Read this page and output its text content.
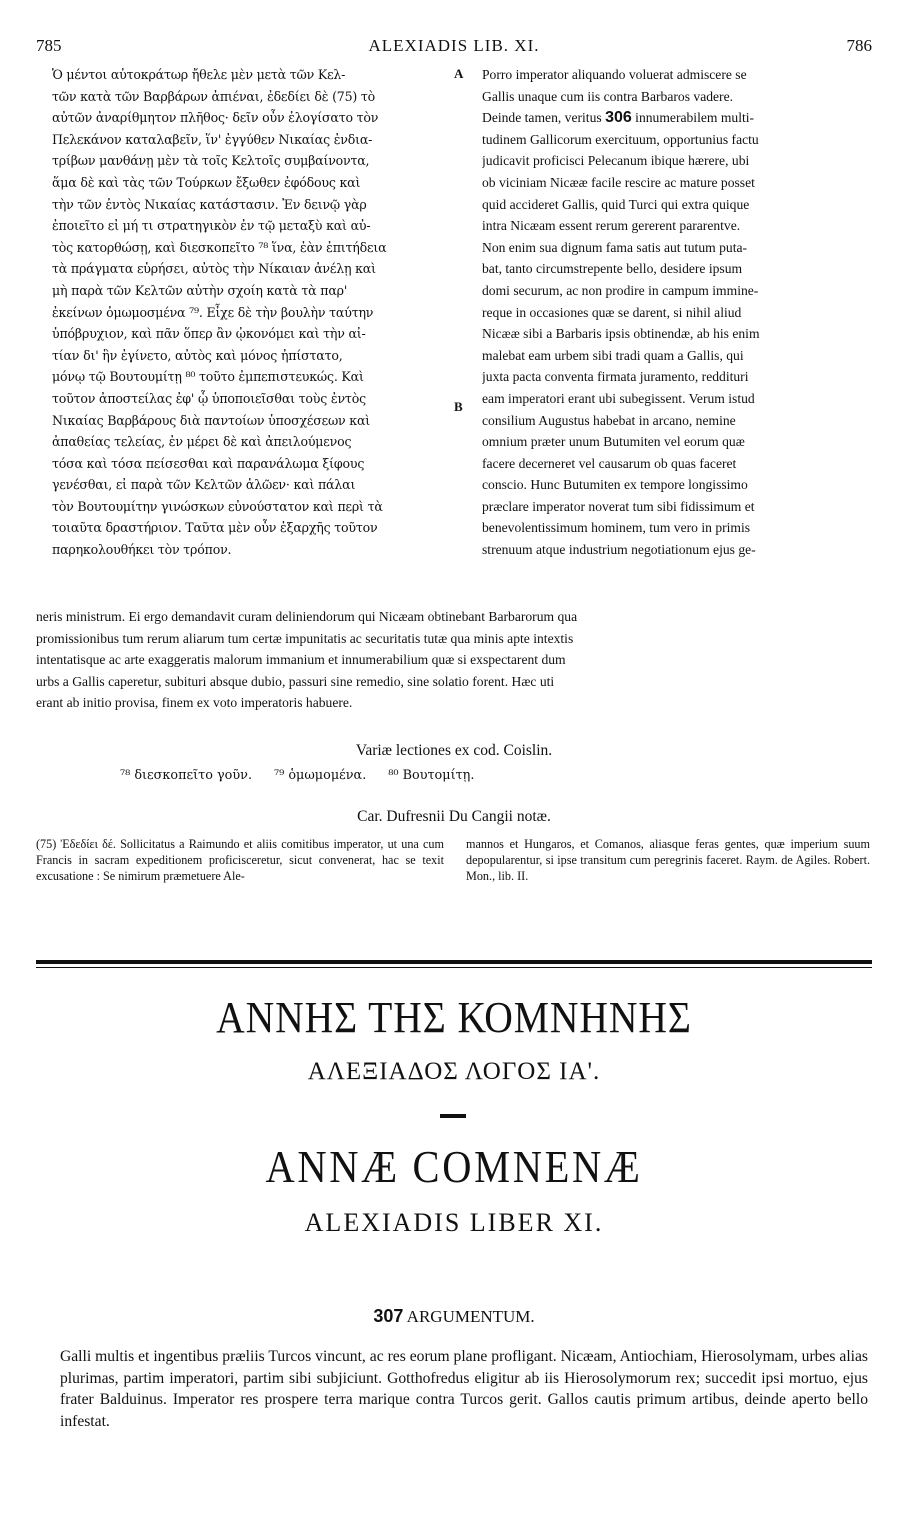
785	ALEXIADIS LIB. XI.	786
Ὁ μέντοι αὐτοκράτωρ ἤθελε μὲν μετὰ τῶν Κελ-
τῶν κατὰ τῶν Βαρβάρων ἀπιέναι, ἐδεδίει δὲ (75) τὸ
αὐτῶν ἀναρίθμητον πλῆθος· δεῖν οὖν ἐλογίσατο τὸν
Πελεκάνον καταλαβεῖν, ἵν' ἐγγύθεν Νικαίας ἐνδια-
τρίβων μανθάνῃ μὲν τὰ τοῖς Κελτοῖς συμβαίνοντα,
ἅμα δὲ καὶ τὰς τῶν Τούρκων ἔξωθεν ἐφόδους καὶ
τὴν τῶν ἐντὸς Νικαίας κατάστασιν. Ἐν δεινῷ γὰρ
ἐποιεῖτο εἰ μή τι στρατηγικὸν ἐν τῷ μεταξὺ καὶ αὐ-
τὸς κατορθώσῃ, καὶ διεσκοπεῖτο ⁷⁸ ἵνα, ἐὰν ἐπιτήδεια
τὰ πράγματα εὑρήσει, αὐτὸς τὴν Νίκαιαν ἀνέλῃ καὶ
μὴ παρὰ τῶν Κελτῶν αὐτὴν σχοίη κατὰ τὰ παρ'
ἐκείνων ὀμωμοσμένα ⁷⁹. Εἶχε δὲ τὴν βουλὴν ταύτην
ὑπόβρυχιον, καὶ πᾶν ὅπερ ἂν ᾠκονόμει καὶ τὴν αἰ-
τίαν δι' ἣν ἐγίνετο, αὐτὸς καὶ μόνος ἠπίστατο,
μόνῳ τῷ Βουτουμίτῃ ⁸⁰ τοῦτο ἐμπεπιστευκώς. Καὶ
τοῦτον ἀποστείλας ἐφ' ᾧ ὑποποιεῖσθαι τοὺς ἐντὸς
Νικαίας Βαρβάρους διὰ παντοίων ὑποσχέσεων καὶ
ἀπαθείας τελείας, ἐν μέρει δὲ καὶ ἀπειλούμενος
τόσα καὶ τόσα πείσεσθαι καὶ παρανάλωμα ξίφους
γενέσθαι, εἰ παρὰ τῶν Κελτῶν ἁλῶεν· καὶ πάλαι
τὸν Βουτουμίτην γινώσκων εὐνούστατον καὶ περὶ τὰ
τοιαῦτα δραστήριον. Ταῦτα μὲν οὖν ἐξαρχῆς τοῦτον
παρηκολουθήκει τὸν τρόπον.
A
B
Porro imperator aliquando voluerat admiscere se
Gallis unaque cum iis contra Barbaros vadere.
Deinde tamen, veritus 306 innumerabilem multi-
tudinem Gallicorum exercituum, opportunius factu
judicavit proficisci Pelecanum ibique hærere, ubi
ob viciniam Nicææ facile rescire ac mature posset
quid accideret Gallis, quid Turci qui extra quique
intra Nicæam essent rerum gererent pararentve.
Non enim sua dignum fama satis aut tutum puta-
bat, tanto circumstrepente bello, desidere ipsum
domi securum, ac non prodire in campum immine-
reque in occasiones quæ se darent, si nihil aliud
Nicææ sibi a Barbaris ipsis obtinendæ, ab his enim
malebat eam urbem sibi tradi quam a Gallis, qui
juxta pacta conventa firmata juramento, redditurі
eam imperatori erant ubi subegissent. Verum istud
consilium Augustus habebat in arcano, nemine
omnium præter unum Butumiten vel eorum quæ
facere decerneret vel causarum ob quas faceret
conscio. Hunc Butumiten ex tempore longissimo
præclare imperator noverat tum sibi fidissimum et
benevolentissimum hominem, tum vero in primis
strenuum atque industrium negotiationum ejus ge-
neris ministrum. Ei ergo demandavit curam deliniendorum qui Nicæam obtinebant Barbarorum qua
promissionibus tum rerum aliarum tum certæ impunitatis ac securitatis tutæ qua minis apte intextis
intentatisque ac arte exaggeratis malorum immanium et innumerabilium quæ si exspectarent dum
urbs a Gallis caperetur, subituri absque dubio, passuri sine remedio, sine solatio forent. Hæc uti
erant ab initio provisa, finem ex voto imperatoris habuere.
Variæ lectiones ex cod. Coislin.
⁷⁸ διεσκοπεῖτο γοῦν. ⁷⁹ ὁμωμομένα. ⁸⁰ Βουτομίτῃ.
Car. Dufresnii Du Cangii notæ.
(75) Ἐδεδίει δέ. Sollicitatus a Raimundo et aliis comitibus imperator, ut una cum Francis in sacram expeditionem proficisceretur, sicut convenerat, hac se texit excusatione : Se nimirum præmetuere Ale-
mannos et Hungaros, et Comanos, aliasque feras gentes, quæ imperium suum depopularentur, si ipse transitum cum peregrinis faceret. Raym. de Agiles. Robert. Mon., lib. II.
ΑΝΝΗΣ ΤΗΣ ΚΟΜΝΗΝΗΣ
ΑΛΕΞΙΑΔΟΣ ΛΟΓΟΣ ΙΑ'.
ANNÆ COMNENÆ
ALEXIADIS LIBER XI.
307 ARGUMENTUM.
Galli multis et ingentibus præliis Turcos vincunt, ac res eorum plane profligant. Nicæam, Antiochiam, Hierosolymam, urbes alias plurimas, partim imperatori, partim sibi subjiciunt. Gotthofredus eligitur ab iis Hierosolymorum rex; succedit ipsi mortuo, ejus frater Balduinus. Imperator res prospere terra marique contra Turcos gerit. Gallos cautis primum artibus, deinde aperto bello infestat.
